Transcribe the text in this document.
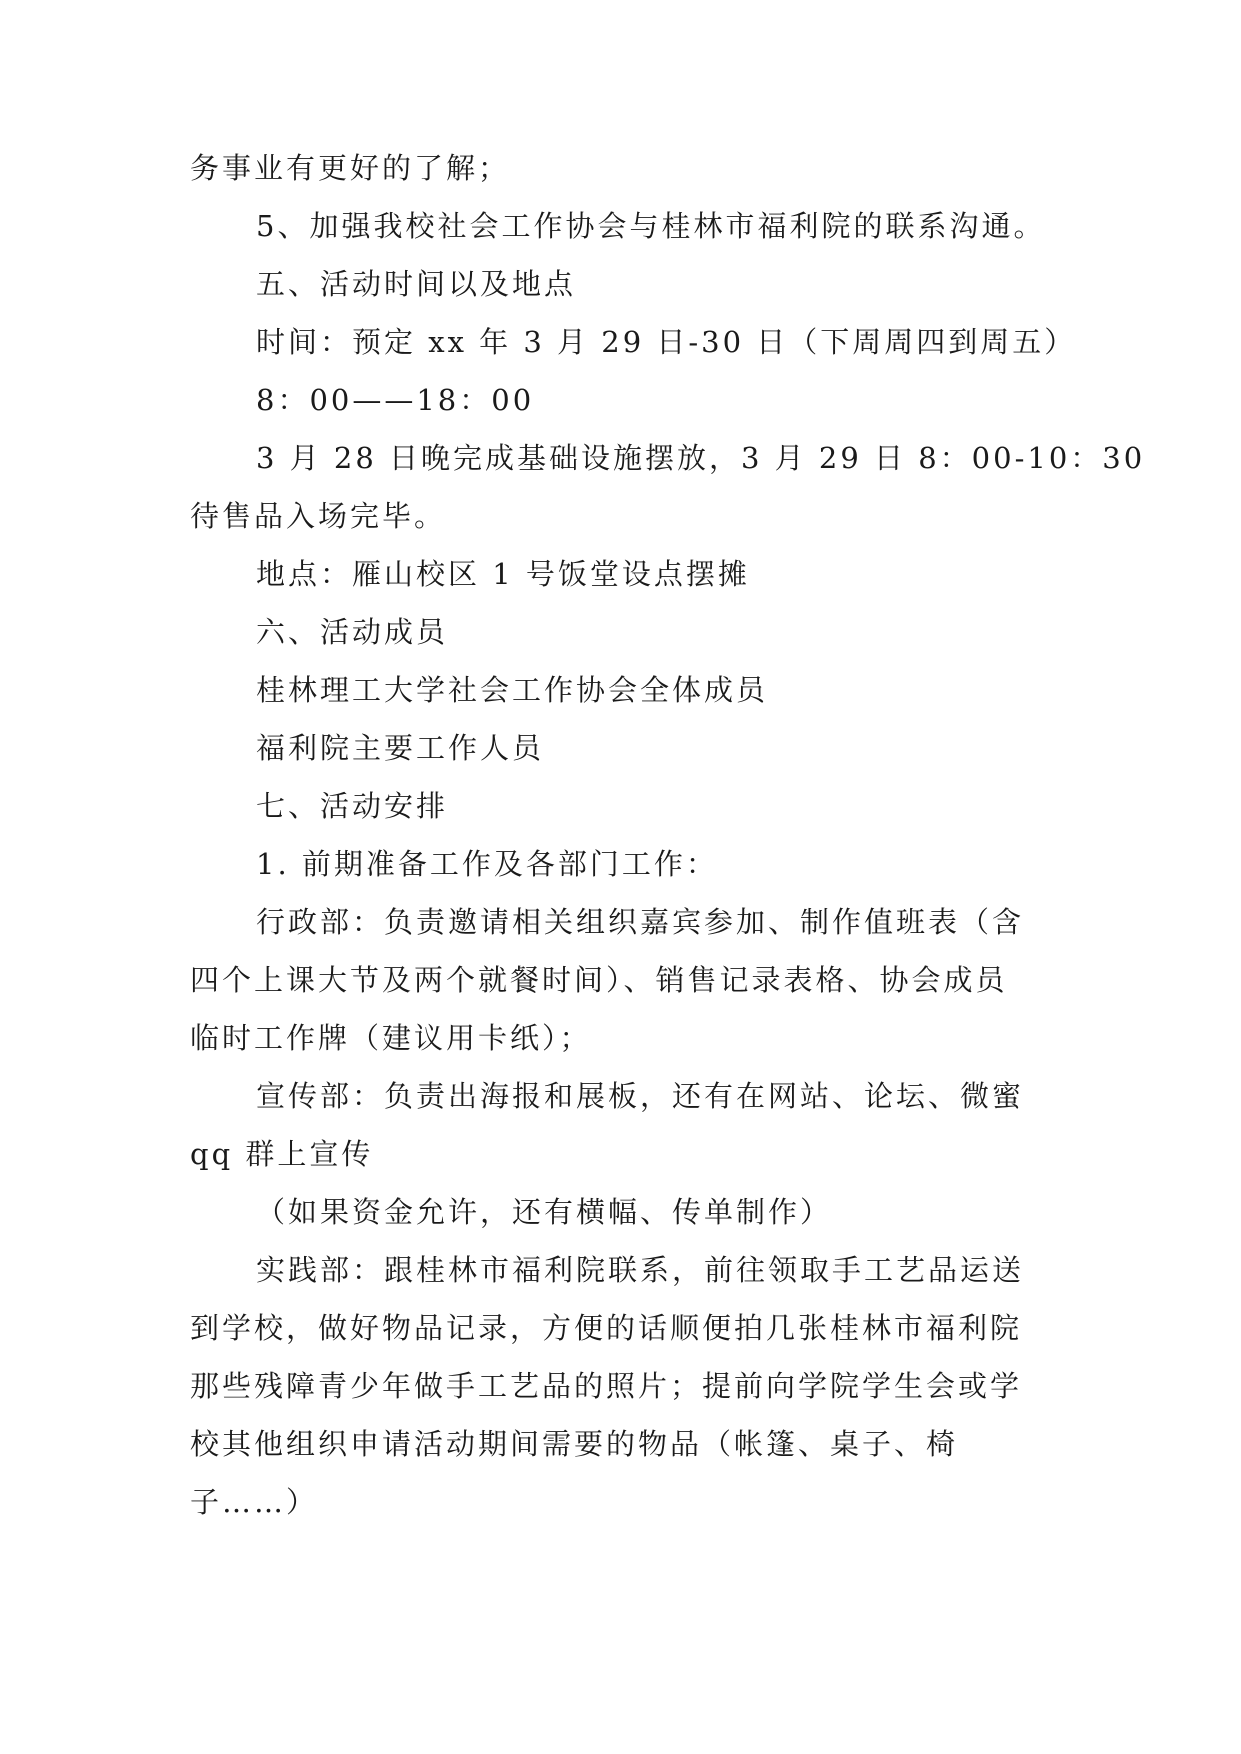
务事业有更好的了解；
5、加强我校社会工作协会与桂林市福利院的联系沟通。
五、活动时间以及地点
时间：预定 xx 年 3 月 29 日-30 日（下周周四到周五）
8：00——18：00
3 月 28 日晚完成基础设施摆放，3 月 29 日 8：00-10：30
待售品入场完毕。
地点：雁山校区 1 号饭堂设点摆摊
六、活动成员
桂林理工大学社会工作协会全体成员
福利院主要工作人员
七、活动安排
1. 前期准备工作及各部门工作：
行政部：负责邀请相关组织嘉宾参加、制作值班表（含
四个上课大节及两个就餐时间）、销售记录表格、协会成员
临时工作牌（建议用卡纸）；
宣传部：负责出海报和展板，还有在网站、论坛、微蜜
qq 群上宣传
（如果资金允许，还有横幅、传单制作）
实践部：跟桂林市福利院联系，前往领取手工艺品运送
到学校，做好物品记录，方便的话顺便拍几张桂林市福利院
那些残障青少年做手工艺品的照片；提前向学院学生会或学
校其他组织申请活动期间需要的物品（帐篷、桌子、椅
子……）
